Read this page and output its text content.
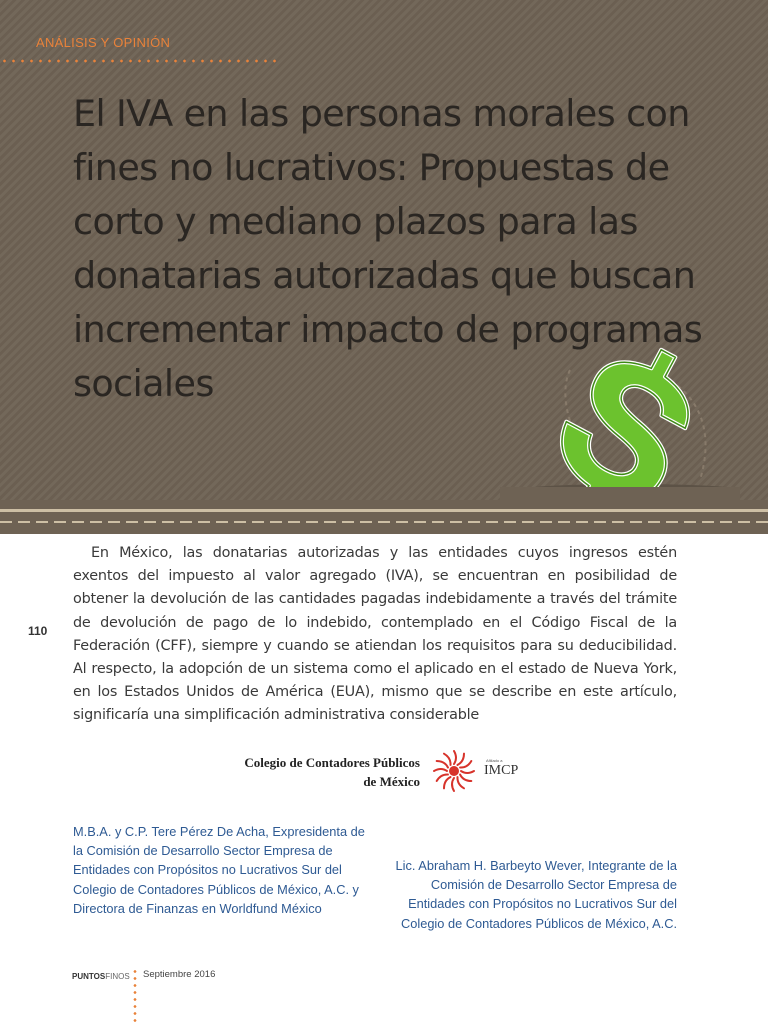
ANÁLISIS Y OPINIÓN
El IVA en las personas morales con fines no lucrativos: Propuestas de corto y mediano plazos para las donatarias autorizadas que buscan incrementar impacto de programas sociales
110

En México, las donatarias autorizadas y las entidades cuyos ingresos estén exentos del impuesto al valor agregado (IVA), se encuentran en posibilidad de obtener la devolución de las cantidades pagadas indebidamente a través del trámite de devolución de pago de lo indebido, contemplado en el Código Fiscal de la Federación (CFF), siempre y cuando se atiendan los requisitos para su deducibilidad. Al respecto, la adopción de un sistema como el aplicado en el estado de Nueva York, en los Estados Unidos de América (EUA), mismo que se describe en este artículo, significaría una simplificación administrativa considerable

Colegio de Contadores Públicos
de México
Afiliado a
IMCP

M.B.A. y C.P. Tere Pérez De Acha, Expresidenta de la Comisión de Desarrollo Sector Empresa de Entidades con Propósitos no Lucrativos Sur del Colegio de Contadores Públicos de México, A.C. y Directora de Finanzas en Worldfund México

Lic. Abraham H. Barbeyto Wever, Integrante de la Comisión de Desarrollo Sector Empresa de Entidades con Propósitos no Lucrativos Sur del Colegio de Contadores Públicos de México, A.C.

PUNTOSFINOS Septiembre 2016
